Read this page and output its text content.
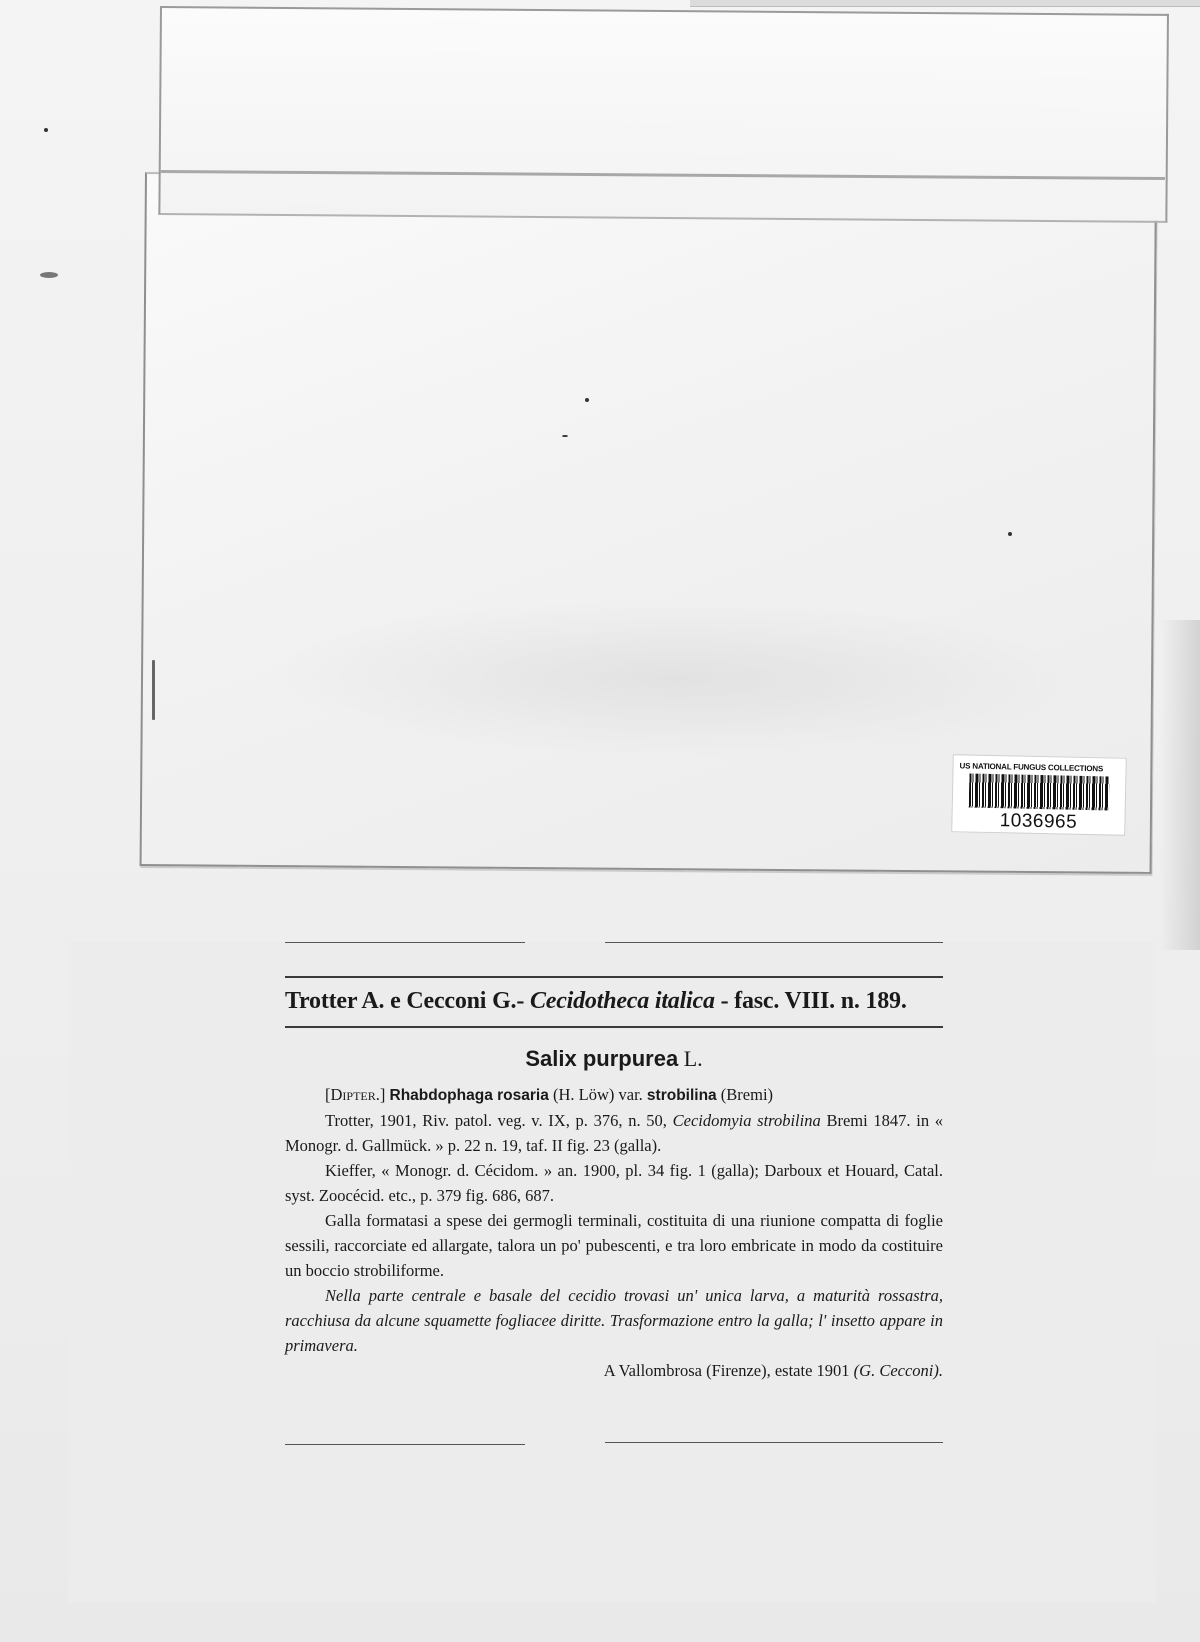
US NATIONAL FUNGUS COLLECTIONS
1036965
Trotter A. e Cecconi G.- Cecidotheca italica - fasc. VIII. n. 189.
Salix purpurea L.

[Dipter.] Rhabdophaga rosaria (H. Löw) var. strobilina (Bremi)

Trotter, 1901, Riv. patol. veg. v. IX, p. 376, n. 50, Cecidomyia strobilina Bremi 1847. in « Monogr. d. Gallmück. » p. 22 n. 19, taf. II fig. 23 (galla).

Kieffer, « Monogr. d. Cécidom. » an. 1900, pl. 34 fig. 1 (galla); Darboux et Houard, Catal. syst. Zoocécid. etc., p. 379 fig. 686, 687.

Galla formatasi a spese dei germogli terminali, costituita di una riunione compatta di foglie sessili, raccorciate ed allargate, talora un po' pubescenti, e tra loro embricate in modo da costituire un boccio strobiliforme.

Nella parte centrale e basale del cecidio trovasi un' unica larva, a maturità rossastra, racchiusa da alcune squamette fogliacee diritte. Trasformazione entro la galla; l' insetto appare in primavera.

A Vallombrosa (Firenze), estate 1901 (G. Cecconi).
